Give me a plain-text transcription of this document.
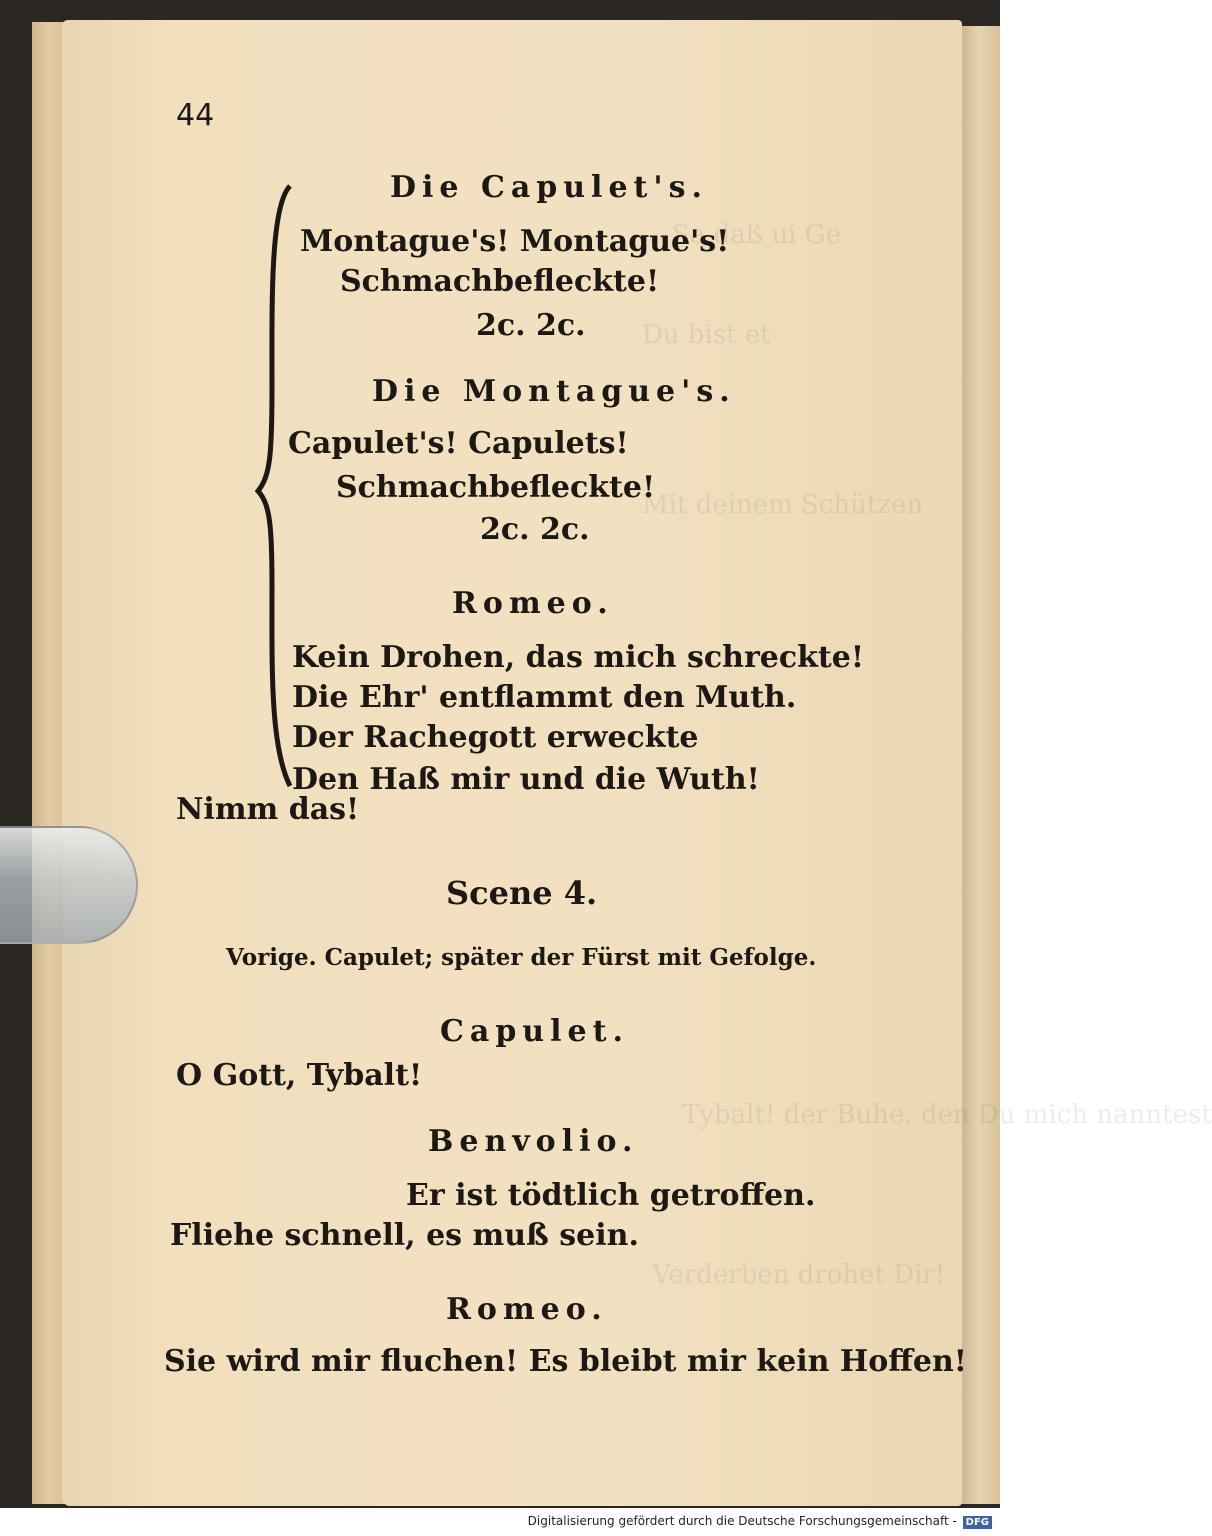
Sa daß ui Ge
Du bist et
Mit deinem Schützen
Tybalt! der Buhe, den Du mich nanntest
Verderben drohet Dir!
44
Die Capulet's.
Montague's! Montague's!
Schmachbefleckte!
2c. 2c.
Die Montague's.
Capulet's! Capulets!
Schmachbefleckte!
2c. 2c.
Romeo.
Kein Drohen, das mich schreckte!
Die Ehr' entflammt den Muth.
Der Rachegott erweckte
Den Haß mir und die Wuth!
Nimm das!
Scene 4.
Vorige. Capulet; später der Fürst mit Gefolge.
Capulet.
O Gott, Tybalt!
Benvolio.
Er ist tödtlich getroffen.
Fliehe schnell, es muß sein.
Romeo.
Sie wird mir fluchen! Es bleibt mir kein Hoffen!
Digitalisierung gefördert durch die Deutsche Forschungsgemeinschaft - DFG
